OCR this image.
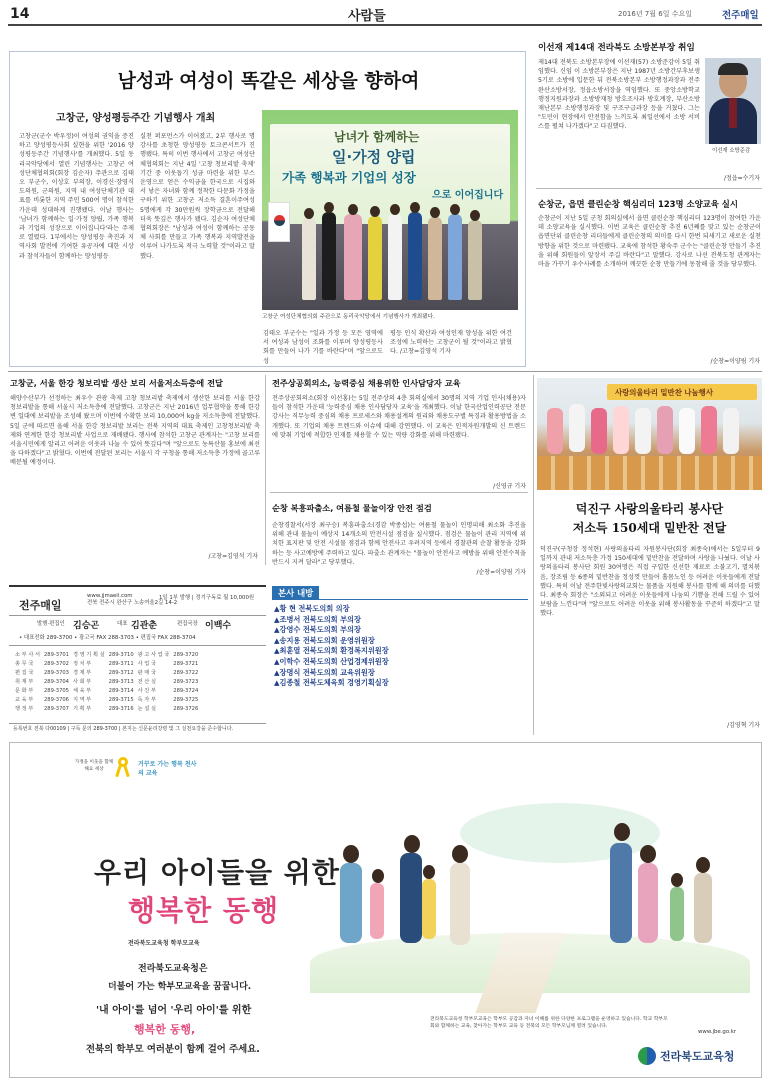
14	사람들	2016년 7월 6일 수요일	전주매일
남성과 여성이 똑같은 세상을 향하여
고창군, 양성평등주간 기념행사 개최
고창군(군수 박우정)이 여성의 권익을 증진하고 양성평등사회 실현을 위한 '2016 양성평등주간 기념행사'를 개최했다. 5일 동리국악당에서 열린 기념행사는 고창군 여성단체협의회(회장 김순자) 주관으로 김태오 부군수, 이상호 부의장, 이경신·장영식 도의원, 군의원, 지역 내 여성단체기관 대표를 비롯한 지역 주민 500여 명이 참석한 가운데 성대하게 진행됐다. 이날 행사는 '남녀가 함께하는 일·가정 양립, 가족 행복과 기업의 성장으로 이어집니다'라는 주제로 열렸다. 1부에서는 양성평등 촉진과 지역사회 발전에 기여한 유공자에 대한 시상과 참석자들이 함께하는 양성평등
실천 퍼포먼스가 이어졌고, 2부 행사로 명강사를 초청한 양성평등 토크콘서트가 진행됐다. 특히 이번 행사에서 고창군 여성단체협의회는 지난 4일 '고창 청보리밭 축제' 기간 중 이웃돕기 성금 마련을 위한 부스 운영으로 얻은 수익금을 한국으로 시집와서 낳은 자녀와 함께 정착한 다문화 가정을 구하기 위한 고창군 저소득 결혼이주여성 5명에게 각 30만원씩 장학금으로 전달해 더욱 뜻깊은 행사가 됐다. 김순자 여성단체협의회장은 "남성과 여성이 함께하는 공동체 사회를 만들고 가족 행복과 지역발전을 이루어 나가도록 적극 노력할 것"이라고 말했다.
김태오 부군수는 "일과 가정 등 모든 영역에서 여성과 남성이 조화를 이루며 양성평등사회를 만들어 나가 기를 바란다"며 "앞으로도 성
평등 인식 확산과 여성인재 양성을 위한 여건 조성에 노력하는 고창군이 될 것"이라고 밝혔다. /고창=김영석 기자
남녀가 함께하는
일·가정 양립
가족 행복과 기업의 성장
으로 이어집니다
고창군 여성단체협의회 주관으로 동리국악당에서 기념행사가 개최됐다.
이선재 제14대 전라북도 소방본부장 취임
제14대 전북도 소방본부장에 이선재(57) 소방준감이 5일 취임했다. 신임 이 소방본부장은 지난 1987년 소방간부후보생 5기로 소방에 입문한 뒤 전북소방본부 소방행정과장과 전주완산소방서장, 정읍소방서장을 역임했다. 또 중앙소방학교 행정지원과장과 소방방재청 방호조사과 방호계장, 부산소방재난본부 소방행정과장 및 구조구급과장 등을 거쳤다. 그는 "도민이 현장에서 안전함을 느끼도록 최일선에서 소방 서비스를 펼쳐 나가겠다"고 다짐했다.
이선재 소방준감
/정읍=수기자
순창군, 읍면 클린순창 핵심리더 123명 소양교육 실시
순창군이 지난 5일 군청 회의실에서 읍면 클린순창 핵심리더 123명이 참여한 가운데 소양교육을 실시했다. 이번 교육은 클린순창 추진 6년째를 맞고 있는 순창군이 읍면단위 클린순창 리더들에게 클린순창의 의미를 다시 한번 되새기고 새로운 실천 방향을 위한 것으로 마련됐다. 교육에 참석한 황숙주 군수는 "클린순창 만들기 추진을 위해 회원들이 앞장서 주길 바란다"고 말했다. 강사로 나선 전북도청 관계자는 마을 가꾸기 우수사례를 소개하며 깨끗한 순창 만들기에 동참해 줄 것을 당부했다.
/순창=이양림 기자
고창군, 서울 한강 청보리밭 생산 보리 서울저소득층에 전달
해양수산부가 선정하는 최우수 관광 축제 고창 청보리밭 축제에서 생산한 보리를 서울 한강 청보리밭을 통해 서울시 저소득층에 전달했다. 고창군은 지난 2016년 업무협약을 통해 한강변 일대에 보리밭을 조성해 왔으며 이번에 수확한 보리 10,000여 kg을 저소득층에 전달했다. 5일 군에 따르면 올해 서울 한강 청보리밭 보리는 전북 지역의 대표 축제인 고창청보리밭 축제와 연계한 한강 청보리밭 사업으로 재배됐다. 행사에 참석한 고창군 관계자는 "고창 보리를 서울시민에게 알리고 어려운 이웃과 나눌 수 있어 뜻깊다"며 "앞으로도 농특산물 홍보에 최선을 다하겠다"고 밝혔다. 이번에 전달된 보리는 서울시 각 구청을 통해 저소득층 가정에 골고루 배분될 예정이다.
/고창=김영석 기자
전주상공회의소, 능력중심 채용위한 인사담당자 교육
전주상공회의소(회장 이선홍)는 5일 전주상의 4층 회의실에서 30명의 지역 기업 인사(채용)자들이 참석한 가운데 '능력중심 채용 인사담당자 교육'을 개최했다. 이날 한국산업인력공단 전문강사는 직무능력 중심의 채용 프로세스와 채용설계의 원리와 채용도구별 특징과 활용방법을 소개했다. 또 기업의 채용 트렌드와 이슈에 대해 강연했다. 이 교육은 인적자원개발의 신 트렌드에 맞춰 기업에 적합한 인재를 채용할 수 있는 역량 강화를 위해 마련됐다.
/신영규 기자
순창 복흥파출소, 여름철 물놀이장 안전 점검
순창경찰서(서장 최구승) 복흥파출소(경감 박종섭)는 여름철 물놀이 인명피해 최소화 추진을 위해 관내 물놀이 예상지 14개소의 안전시설 점검을 실시했다. 점검은 물놀이 관리 지역에 위치한 표지판 및 안전 시설물 점검과 함께 안전사고 우려지역 등에서 경찰관의 순찰 활동을 강화하는 등 사고예방에 주력하고 있다. 파출소 관계자는 "물놀이 안전사고 예방을 위해 안전수칙을 반드시 지켜 달라"고 당부했다.
/순창=이양림 기자
사랑의울타리 밑반찬 나눔행사
덕진구 사랑의울타리 봉사단
저소득 150세대 밑반찬 전달
덕진구(구청장 정석현) 사랑의울타리 자원봉사단(회장 최종숙)에서는 5일부터 9일까지 관내 저소득층 가정 150세대에 밑반찬을 전달하며 사랑을 나눴다. 이날 사랑의울타리 봉사단 회원 30여명은 직접 구입한 신선한 재료로 소불고기, 멸치볶음, 장조림 등 6종의 밑반찬을 정성껏 만들어 홀몸노인 등 어려운 이웃들에게 전달했다. 특히 이날 전주한빛사랑의교회는 물품을 지원해 봉사를 함께 해 의미를 더했다. 최종숙 회장은 "소외되고 어려운 이웃들에게 나눔의 기쁨을 전해 드릴 수 있어 보람을 느낀다"며 "앞으로도 어려운 이웃을 위해 봉사활동을 꾸준히 하겠다"고 말했다.
/김영혁 기자
전주매일
www.jjmaeil.com
전북 전주시 완산구 노송여울2길 14-2
1일 1부 발행 | 정기구독료 월 10,000원
발행·편집인 김승곤	대표 김관춘	편집국장 이백수
• 대표전화 289-3700 • 광고국 FAX 288-3703 • 편집국 FAX 288-3704
소 부 사 서	289-3701	경 영 기 획 실	289-3710	광 고 사 업 국	289-3720
총 무 국	289-3702	정 치 부	289-3711	사 업 국	289-3721
편 집 국	289-3703	경 제 부	289-3712	판 매 국	289-3722
취 재 부	289-3704	사 회 부	289-3713	전 산 실	289-3723
문 화 부	289-3705	체 육 부	289-3714	사 진 부	289-3724
교 육 부	289-3706	지 역 부	289-3715	독 자 부	289-3725
행 정 부	289-3707	기 획 부	289-3716	논 설 실	289-3726
등록번호 전북 다00109 | 구독 문의 289-3700 | 본지는 신문윤리강령 및 그 실천요강을 준수합니다.
본사 내방
▲황 현 전북도의회 의장
▲조병서 전북도의회 부의장
▲강영수 전북도의회 부의장
▲송지용 전북도의회 운영위원장
▲최훈열 전북도의회 환경복지위원장
▲이학수 전북도의회 산업경제위원장
▲장명식 전북도의회 교육위원장
▲김종철 전북도체육회 경영기획실장
가정을 이웃을 함께 해요 세상
거꾸로 가는 행복 천사의 교육
우리 아이들을 위한
행복한 동행
전라북도교육청 학부모교육
전라북도교육청은
더불어 가는 학부모교육을 꿈꿉니다.
'내 아이'를 넘어 '우리 아이'를 위한
행복한 동행,
전북의 학부모 여러분이 함께 걸어 주세요.
전라북도교육청 학부모교육은 학부모 공감과 자녀 이해를 위한 다양한 프로그램을 운영하고 있습니다. 학교 학부모회와 함께하는 교육, 찾아가는 학부모 교육 등 전북의 모든 학부모님께 열려 있습니다.
www.jbe.go.kr
전라북도교육청
